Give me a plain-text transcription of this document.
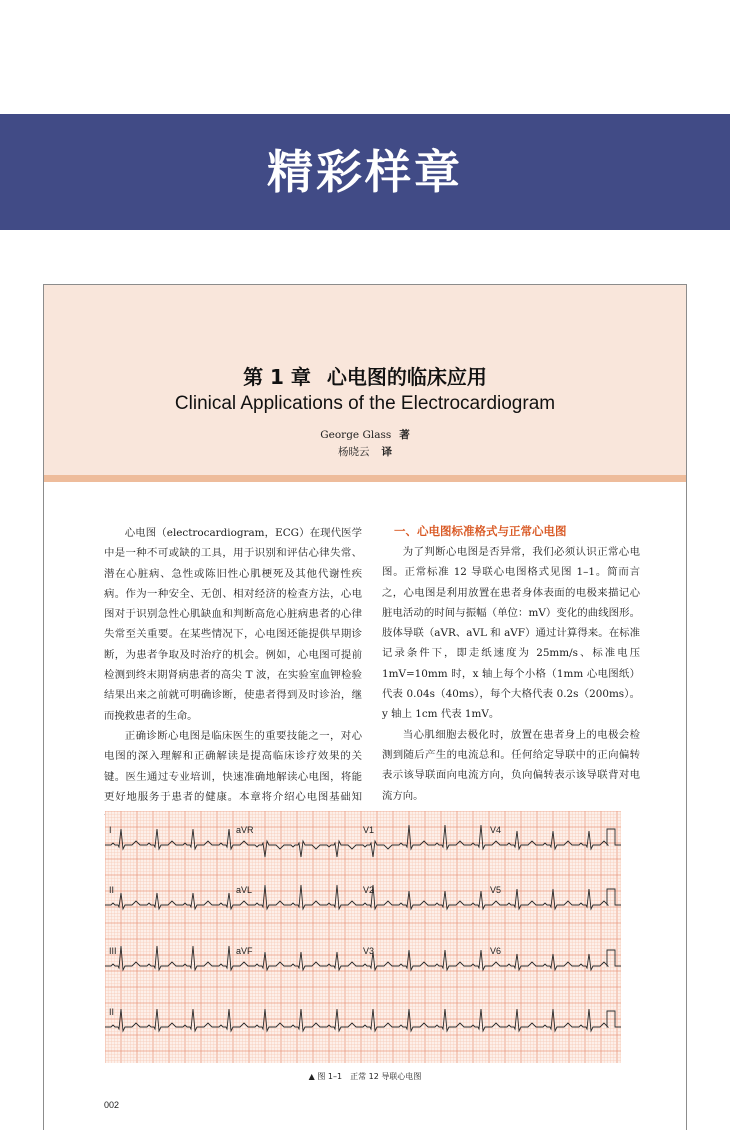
精彩样章
第 1 章 心电图的临床应用
Clinical Applications of the Electrocardiogram
George Glass 著
杨晓云 译

心电图（electrocardiogram，ECG）在现代医学中是一种不可或缺的工具，用于识别和评估心律失常、潜在心脏病、急性或陈旧性心肌梗死及其他代谢性疾病。作为一种安全、无创、相对经济的检查方法，心电图对于识别急性心肌缺血和判断高危心脏病患者的心律失常至关重要。在某些情况下，心电图还能提供早期诊断，为患者争取及时治疗的机会。例如，心电图可提前检测到终末期肾病患者的高尖 T 波，在实验室血钾检验结果出来之前就可明确诊断，使患者得到及时诊治，继而挽救患者的生命。

正确诊断心电图是临床医生的重要技能之一，对心电图的深入理解和正确解读是提高临床诊疗效果的关键。医生通过专业培训，快速准确地解读心电图，将能更好地服务于患者的健康。本章将介绍心电图基础知

一、心电图标准格式与正常心电图

为了判断心电图是否异常，我们必须认识正常心电图。正常标准 12 导联心电图格式见图 1–1。简而言之，心电图是利用放置在患者身体表面的电极来描记心脏电活动的时间与振幅（单位：mV）变化的曲线图形。肢体导联（aVR、aVL 和 aVF）通过计算得来。在标准记录条件下，即走纸速度为 25mm/s、标准电压 1mV=10mm 时，x 轴上每个小格（1mm 心电图纸）代表 0.04s（40ms），每个大格代表 0.2s（200ms）。y 轴上 1cm 代表 1mV。

当心肌细胞去极化时，放置在患者身上的电极会检测到随后产生的电流总和。任何给定导联中的正向偏转表示该导联面向电流方向，负向偏转表示该导联背对电流方向。

I	aVR	V1	V4
II	aVL	V2	V5
III	aVF	V3	V6
II
▲ 图 1–1　正常 12 导联心电图
002
